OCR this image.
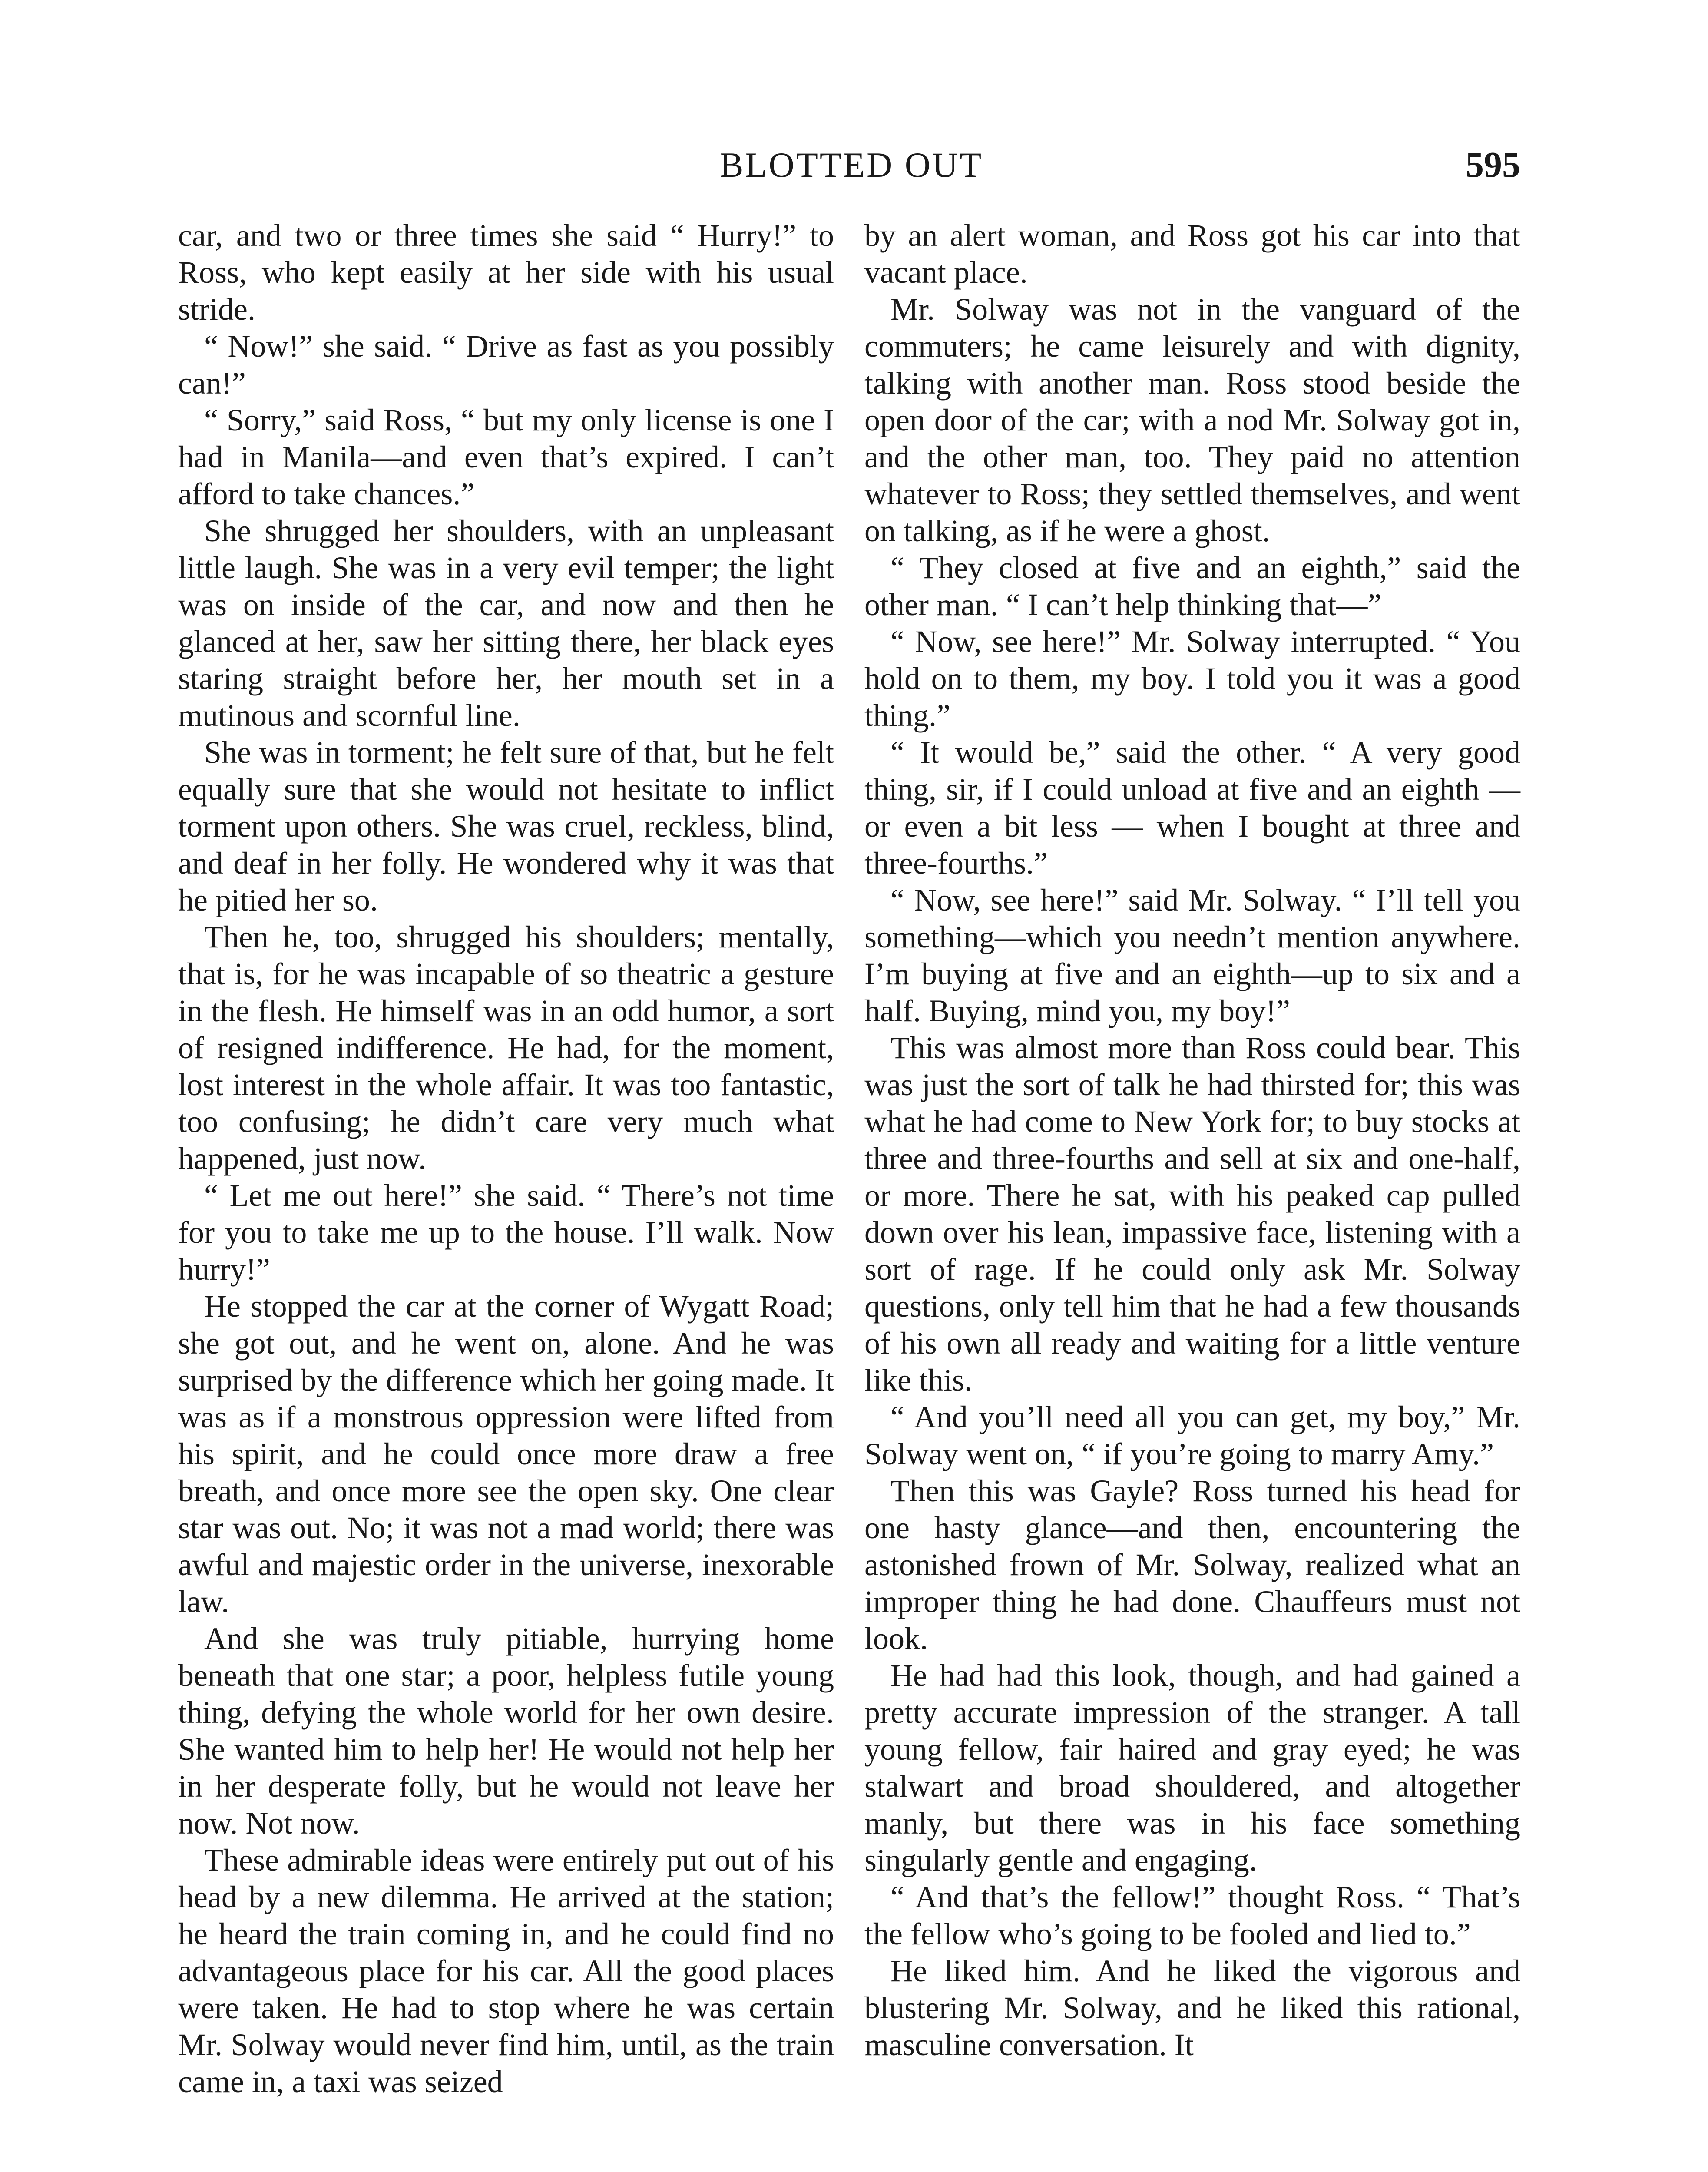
BLOTTED OUT	595

car, and two or three times she said “ Hurry!” to Ross, who kept easily at her side with his usual stride.

“ Now!” she said. “ Drive as fast as you possibly can!”

“ Sorry,” said Ross, “ but my only license is one I had in Manila—and even that’s expired. I can’t afford to take chances.”

She shrugged her shoulders, with an unpleasant little laugh. She was in a very evil temper; the light was on inside of the car, and now and then he glanced at her, saw her sitting there, her black eyes staring straight before her, her mouth set in a mutinous and scornful line.

She was in torment; he felt sure of that, but he felt equally sure that she would not hesitate to inflict torment upon others. She was cruel, reckless, blind, and deaf in her folly. He wondered why it was that he pitied her so.

Then he, too, shrugged his shoulders; mentally, that is, for he was incapable of so theatric a gesture in the flesh. He himself was in an odd humor, a sort of resigned indifference. He had, for the moment, lost interest in the whole affair. It was too fantastic, too confusing; he didn’t care very much what happened, just now.

“ Let me out here!” she said. “ There’s not time for you to take me up to the house. I’ll walk. Now hurry!”

He stopped the car at the corner of Wygatt Road; she got out, and he went on, alone. And he was surprised by the difference which her going made. It was as if a monstrous oppression were lifted from his spirit, and he could once more draw a free breath, and once more see the open sky. One clear star was out. No; it was not a mad world; there was awful and majestic order in the universe, inexorable law.

And she was truly pitiable, hurrying home beneath that one star; a poor, helpless futile young thing, defying the whole world for her own desire. She wanted him to help her! He would not help her in her desperate folly, but he would not leave her now. Not now.

These admirable ideas were entirely put out of his head by a new dilemma. He arrived at the station; he heard the train coming in, and he could find no advantageous place for his car. All the good places were taken. He had to stop where he was certain Mr. Solway would never find him, until, as the train came in, a taxi was seized

by an alert woman, and Ross got his car into that vacant place.

Mr. Solway was not in the vanguard of the commuters; he came leisurely and with dignity, talking with another man. Ross stood beside the open door of the car; with a nod Mr. Solway got in, and the other man, too. They paid no attention whatever to Ross; they settled themselves, and went on talking, as if he were a ghost.

“ They closed at five and an eighth,” said the other man. “ I can’t help thinking that—”

“ Now, see here!” Mr. Solway interrupted. “ You hold on to them, my boy. I told you it was a good thing.”

“ It would be,” said the other. “ A very good thing, sir, if I could unload at five and an eighth — or even a bit less — when I bought at three and three-fourths.”

“ Now, see here!” said Mr. Solway. “ I’ll tell you something—which you needn’t mention anywhere. I’m buying at five and an eighth—up to six and a half. Buying, mind you, my boy!”

This was almost more than Ross could bear. This was just the sort of talk he had thirsted for; this was what he had come to New York for; to buy stocks at three and three-fourths and sell at six and one-half, or more. There he sat, with his peaked cap pulled down over his lean, impassive face, listening with a sort of rage. If he could only ask Mr. Solway questions, only tell him that he had a few thousands of his own all ready and waiting for a little venture like this.

“ And you’ll need all you can get, my boy,” Mr. Solway went on, “ if you’re going to marry Amy.”

Then this was Gayle? Ross turned his head for one hasty glance—and then, encountering the astonished frown of Mr. Solway, realized what an improper thing he had done. Chauffeurs must not look.

He had had this look, though, and had gained a pretty accurate impression of the stranger. A tall young fellow, fair haired and gray eyed; he was stalwart and broad shouldered, and altogether manly, but there was in his face something singularly gentle and engaging.

“ And that’s the fellow!” thought Ross. “ That’s the fellow who’s going to be fooled and lied to.”

He liked him. And he liked the vigorous and blustering Mr. Solway, and he liked this rational, masculine conversation. It
